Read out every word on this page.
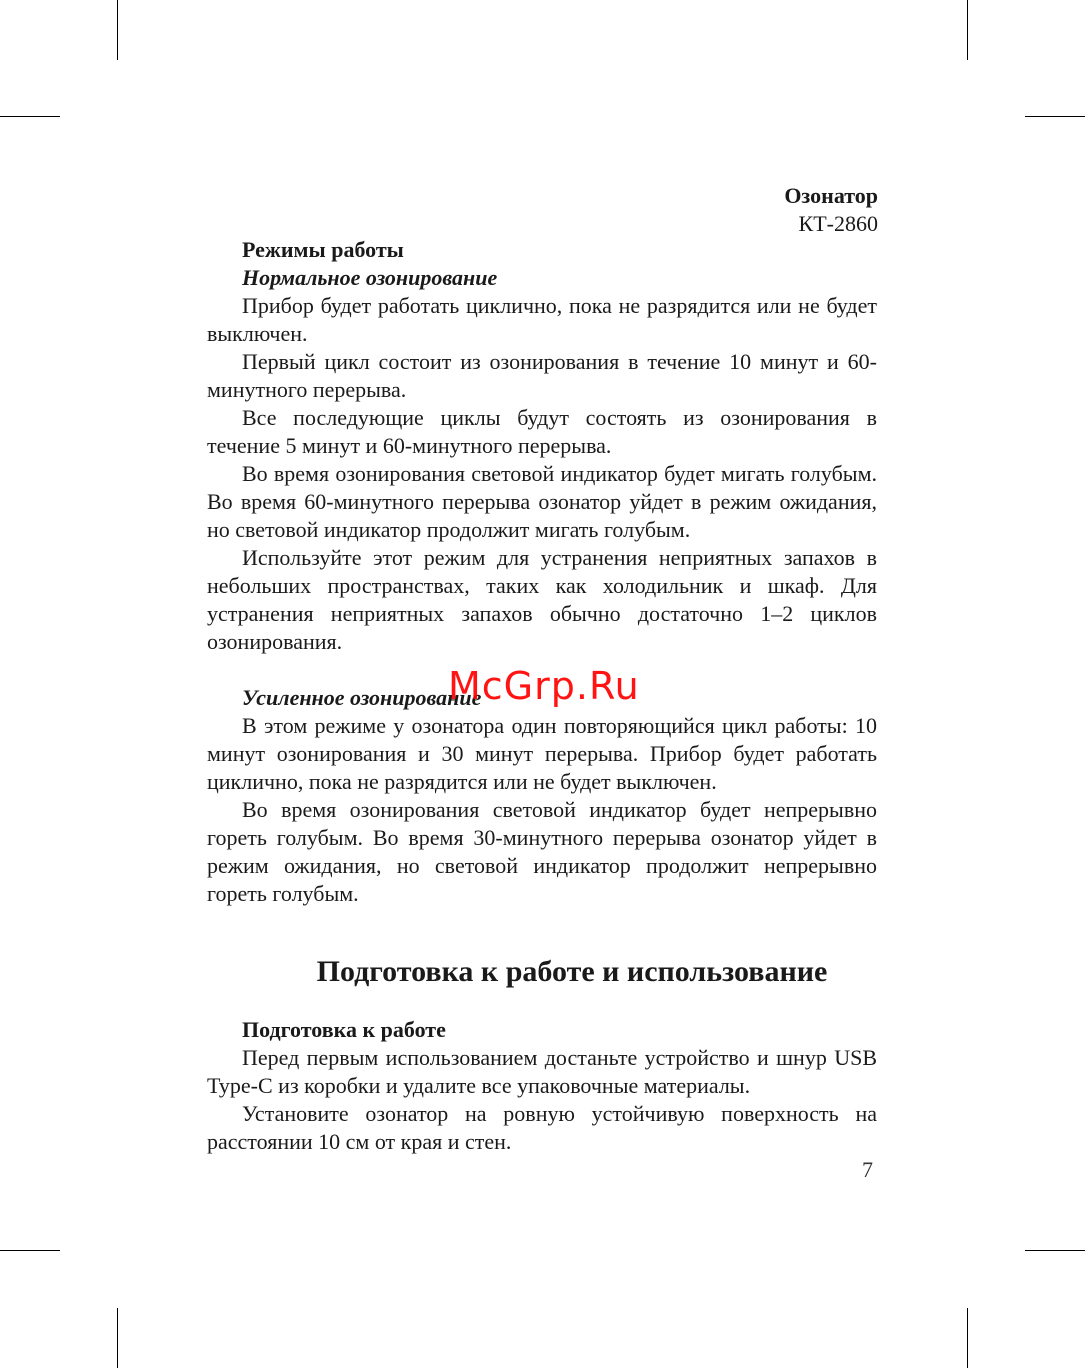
Озонатор
КТ-2860

Режимы работы

Нормальное озонирование

Прибор будет работать циклично, пока не разрядится или не будет выключен.

Первый цикл состоит из озонирования в течение 10 минут и 60-минутного перерыва.

Все последующие циклы будут состоять из озонирования в течение 5 минут и 60-минутного перерыва.

Во время озонирования световой индикатор будет мигать голубым. Во время 60-минутного перерыва озонатор уйдет в режим ожидания, но световой индикатор продолжит мигать голубым.

Используйте этот режим для устранения неприятных запахов в небольших пространствах, таких как холодильник и шкаф. Для устранения неприятных запахов обычно достаточно 1–2 циклов озонирования.

Усиленное озонирование

В этом режиме у озонатора один повторяющийся цикл работы: 10 минут озонирования и 30 минут перерыва. Прибор будет работать циклично, пока не разрядится или не будет выключен.

Во время озонирования световой индикатор будет непрерывно гореть голубым. Во время 30-минутного перерыва озонатор уйдет в режим ожидания, но световой индикатор продолжит непрерывно гореть голубым.

Подготовка к работе и использование

Подготовка к работе

Перед первым использованием достаньте устройство и шнур USB Type-C из коробки и удалите все упаковочные материалы.

Установите озонатор на ровную устойчивую поверхность на расстоянии 10 см от края и стен.

7
McGrp.Ru
